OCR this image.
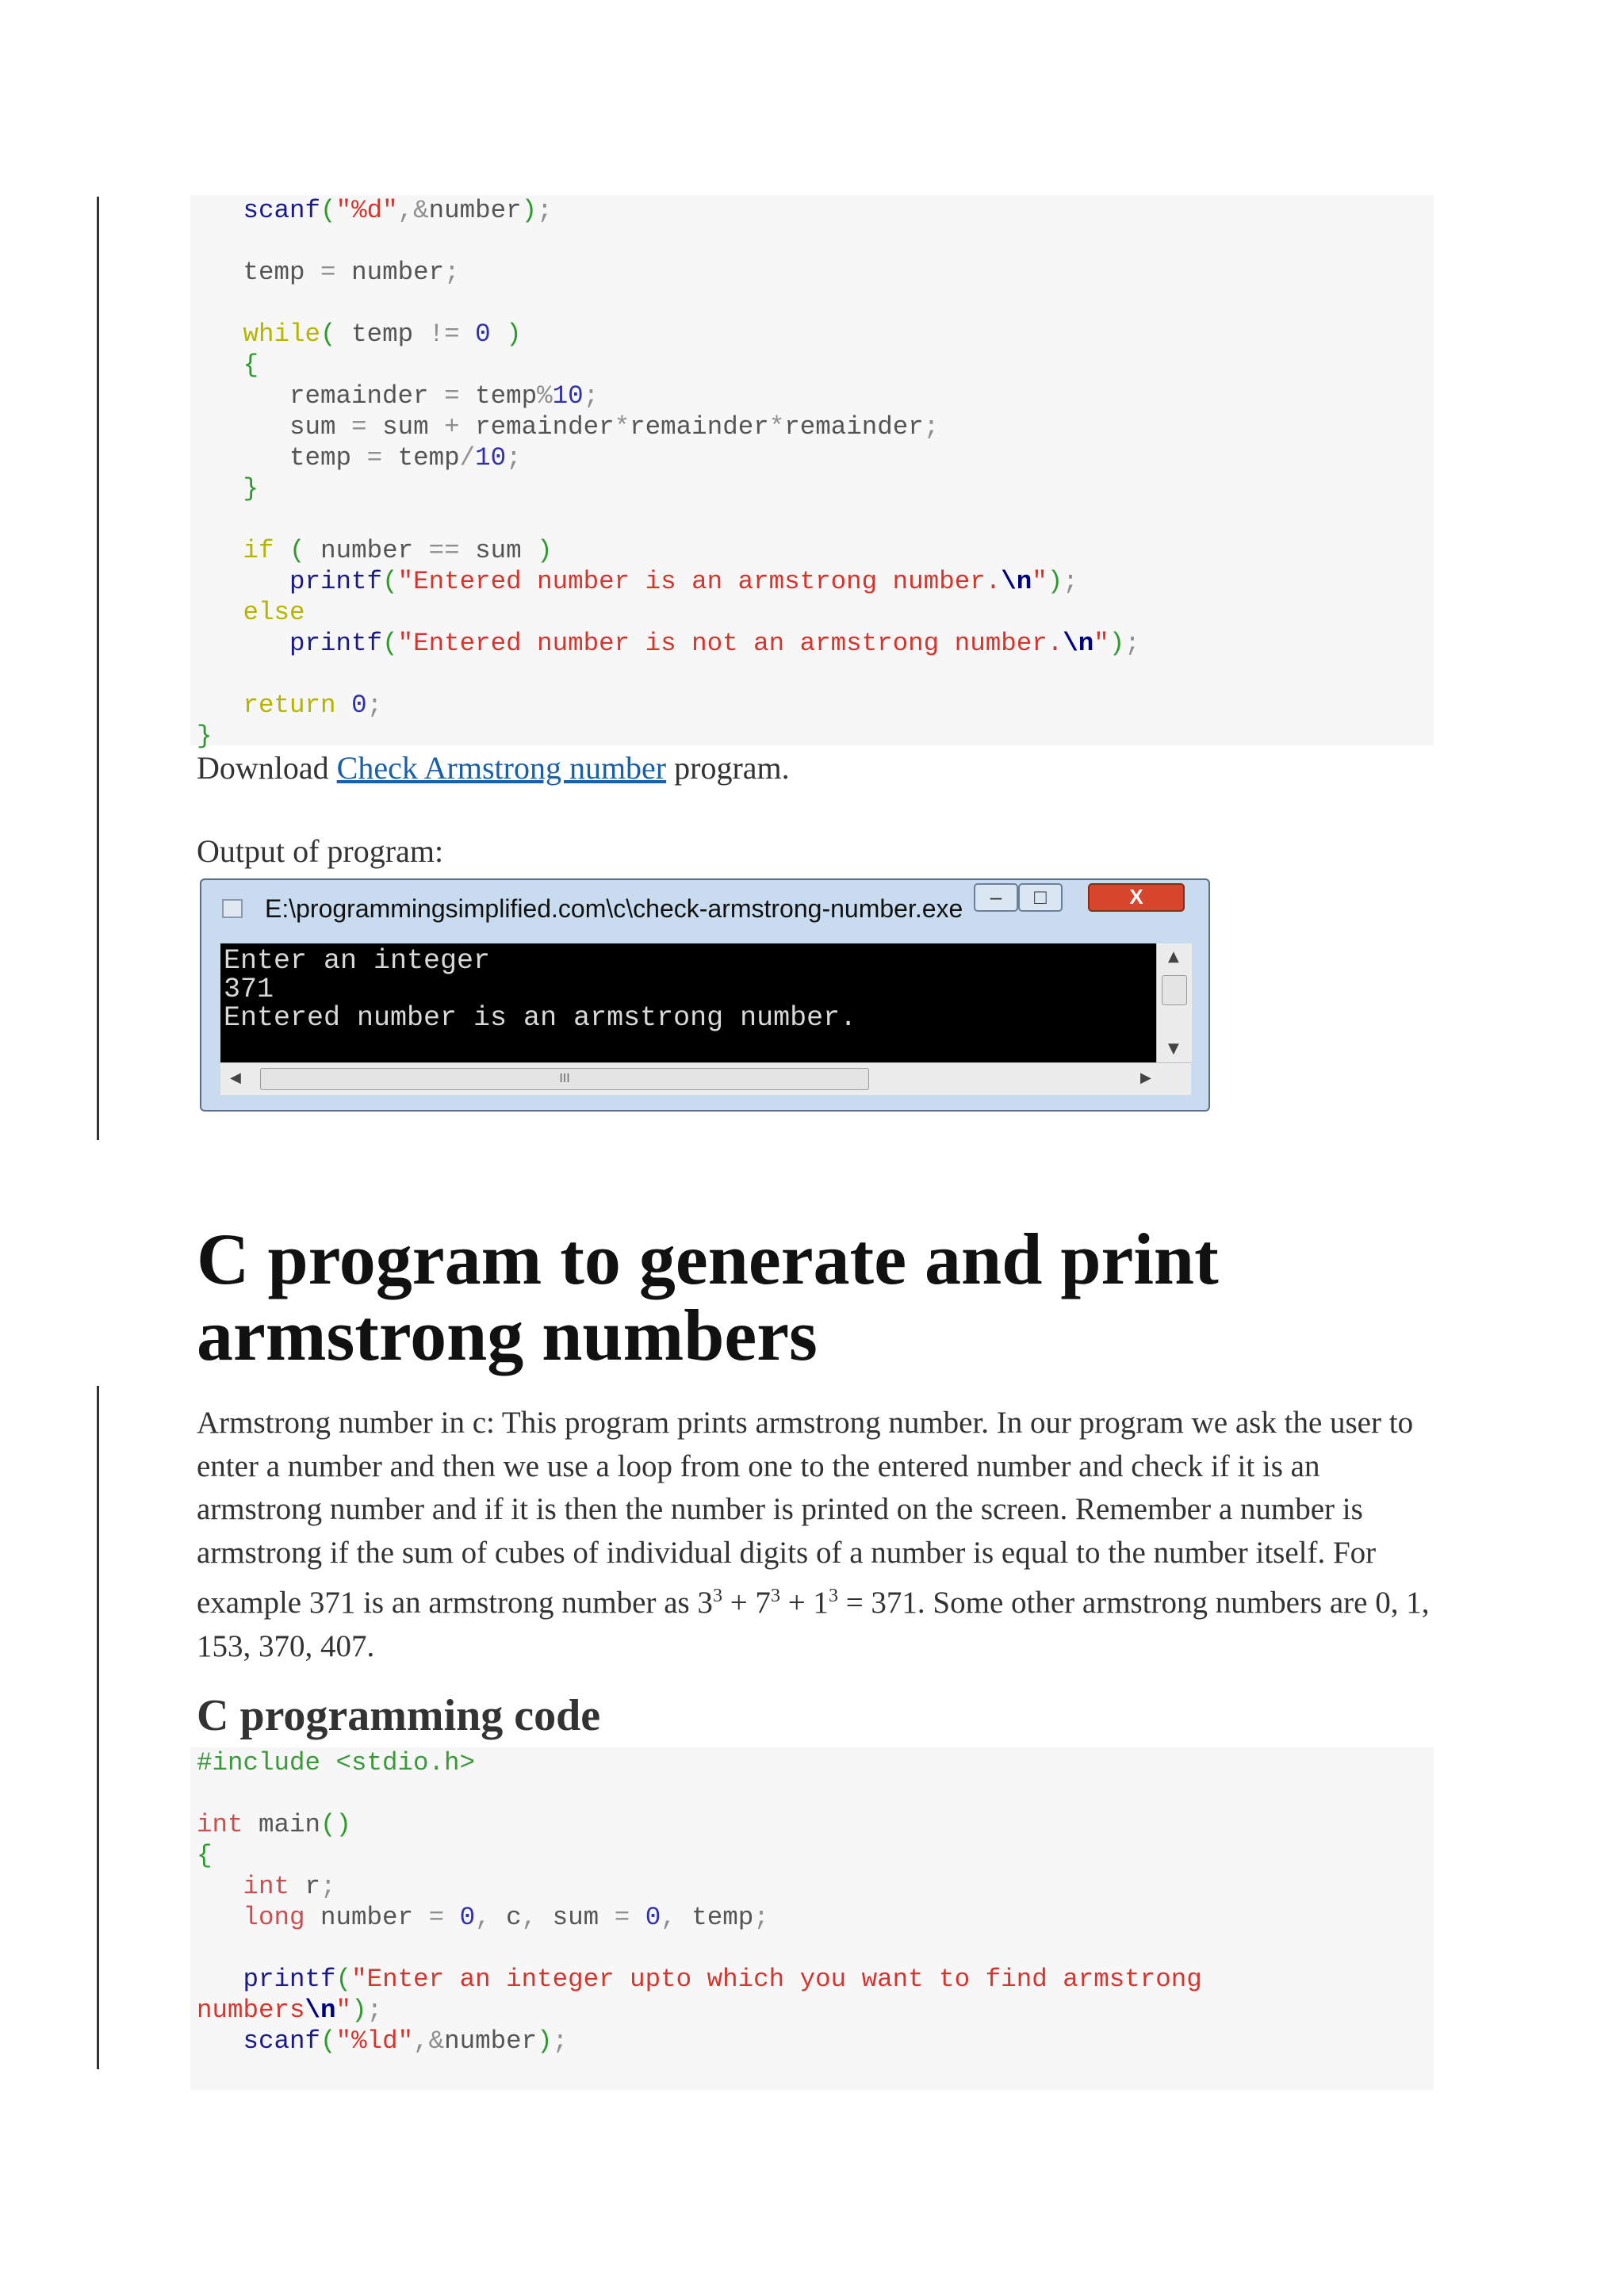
scanf("%d",&number);

temp = number;

while( temp != 0 )
{
remainder = temp%10;
sum = sum + remainder*remainder*remainder;
temp = temp/10;
}

if ( number == sum )
printf("Entered number is an armstrong number.\n");
else
printf("Entered number is not an armstrong number.\n");

return 0;
}
Download Check Armstrong number program.
Output of program:
E:\programmingsimplified.com\c\check-armstrong-number.exe	–	□	X
Enter an integer
371
Entered number is an armstrong number.
▲
▼
◀	III	▶
C program to generate and print armstrong numbers

Armstrong number in c: This program prints armstrong number. In our program we ask the user to enter a number and then we use a loop from one to the entered number and check if it is an armstrong number and if it is then the number is printed on the screen. Remember a number is armstrong if the sum of cubes of individual digits of a number is equal to the number itself. For example 371 is an armstrong number as $3^3 + 7^3 + 1^3 = 371$. Some other armstrong numbers are 0, 1, 153, 370, 407.

C programming code
#include <stdio.h>

int main()
{
int r;
long number = 0, c, sum = 0, temp;

printf("Enter an integer upto which you want to find armstrong
numbers\n");
scanf("%ld",&number);
